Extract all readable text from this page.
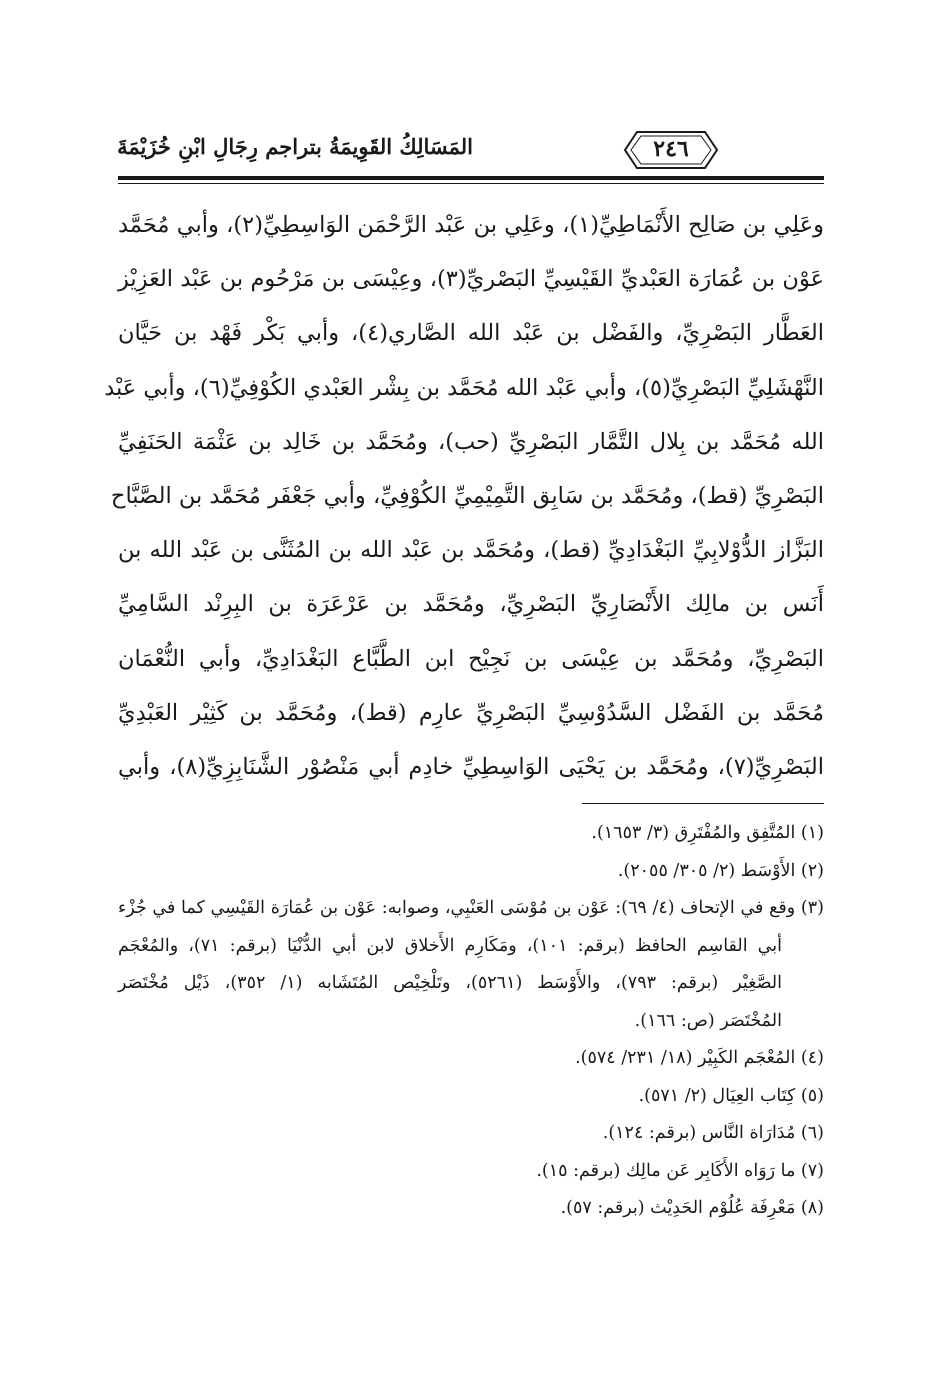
المَسَالِكُ القَوِيمَةُ بتراجم رِجَالِ ابْنِ خُزَيْمَةَ	٢٤٦
وعَلِي بن صَالِح الأَنْمَاطِيِّ(١)، وعَلِي بن عَبْد الرَّحْمَن الوَاسِطِيِّ(٢)، وأبي مُحَمَّد
عَوْن بن عُمَارَة العَبْديِّ القَيْسِيِّ البَصْريِّ(٣)، وعِيْسَى بن مَرْحُوم بن عَبْد العَزِيْز
العَطَّار البَصْرِيِّ، والفَضْل بن عَبْد الله الصَّاري(٤)، وأبي بَكْر فَهْد بن حَيَّان
النَّهْشَلِيِّ البَصْرِيِّ(٥)، وأبي عَبْد الله مُحَمَّد بن بِشْر العَبْدي الكُوْفِيِّ(٦)، وأبي عَبْد
الله مُحَمَّد بن بِلال التَّمَّار البَصْرِيِّ (حب)، ومُحَمَّد بن خَالِد بن عَثْمَة الحَنَفِيِّ
البَصْرِيِّ (قط)، ومُحَمَّد بن سَابِق التَّمِيْمِيِّ الكُوْفِيِّ، وأبي جَعْفَر مُحَمَّد بن الصَّبَّاح
البَزَّاز الدُّوْلابِيِّ البَغْدَادِيِّ (قط)، ومُحَمَّد بن عَبْد الله بن المُثَنَّى بن عَبْد الله بن
أَنَس بن مالِك الأَنْصَارِيِّ البَصْرِيِّ، ومُحَمَّد بن عَرْعَرَة بن البِرِنْد السَّامِيِّ
البَصْرِيِّ، ومُحَمَّد بن عِيْسَى بن نَجِيْح ابن الطَّبَّاع البَغْدَادِيِّ، وأبي النُّعْمَان
مُحَمَّد بن الفَضْل السَّدُوْسِيِّ البَصْرِيِّ عارِم (قط)، ومُحَمَّد بن كَثِيْر العَبْدِيِّ
البَصْرِيِّ(٧)، ومُحَمَّد بن يَحْيَى الوَاسِطِيِّ خادِم أبي مَنْصُوْر الشَّنَابِزِيِّ(٨)، وأبي
(١) المُتَّفِق والمُفْتَرِق (٣/ ١٦٥٣).
(٢) الأَوْسَط (٢/ ٣٠٥/ ٢٠٥٥).
(٣) وقع في الإتحاف (٤/ ٦٩): عَوْن بن مُوْسَى العَنْبِي، وصوابه: عَوْن بن عُمَارَة القَيْسِي كما في جُزْء
أبي القاسِم الحافظ (برقم: ١٠١)، ومَكَارِم الأَخلاق لابن أبي الدُّنْيَا (برقم: ٧١)، والمُعْجَم
الصَّغِيْر (برقم: ٧٩٣)، والأَوْسَط (٥٢٦١)، وتَلْخِيْص المُتَشَابه (١/ ٣٥٢)، ذَيْل مُخْتَصَر
المُخْتَصَر (ص: ١٦٦).
(٤) المُعْجَم الكَبِيْر (١٨/ ٢٣١/ ٥٧٤).
(٥) كِتَاب العِيَال (٢/ ٥٧١).
(٦) مُدَارَاة النَّاس (برقم: ١٢٤).
(٧) ما رَوَاه الأَكَابِر عَن مالِك (برقم: ١٥).
(٨) مَعْرِفَة عُلُوْم الحَدِيْث (برقم: ٥٧).
